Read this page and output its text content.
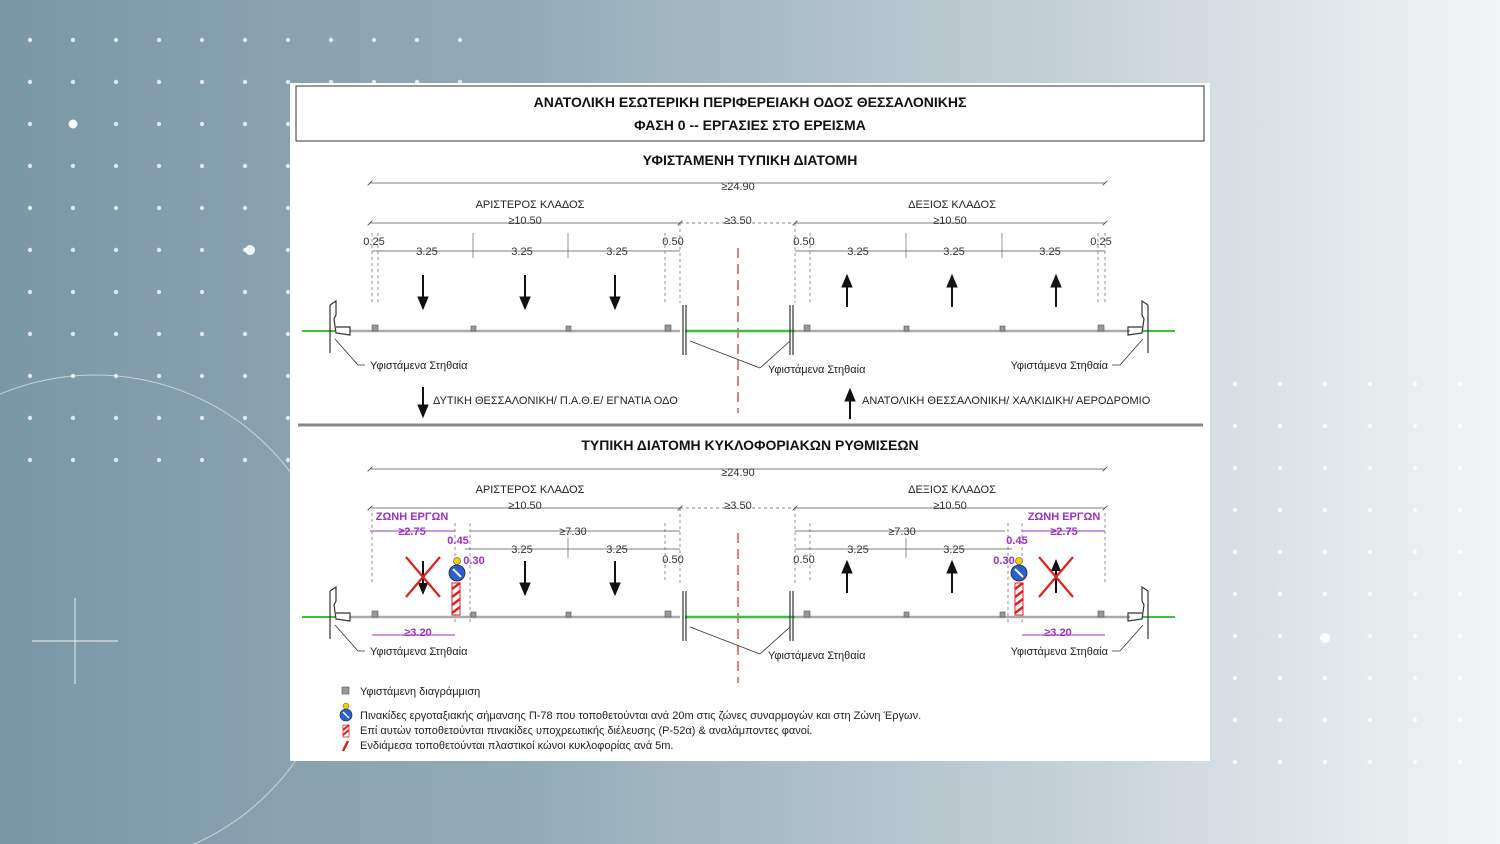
ΑΝΑΤΟΛΙΚΗ ΕΣΩΤΕΡΙΚΗ ΠΕΡΙΦΕΡΕΙΑΚΗ ΟΔΟΣ ΘΕΣΣΑΛΟΝΙΚΗΣ
ΦΑΣΗ 0 -- ΕΡΓΑΣΙΕΣ ΣΤΟ ΕΡΕΙΣΜΑ
ΥΦΙΣΤΑΜΕΝΗ ΤΥΠΙΚΗ ΔΙΑΤΟΜΗ
≥24.90
ΑΡΙΣΤΕΡΟΣ ΚΛΑΔΟΣ	ΔΕΞΙΟΣ ΚΛΑΔΟΣ
≥10.50	≥10.50
≥3.50
0.25
3.25	3.25	3.25
0.50	0.50
3.25	3.25	3.25
0.25
Υφιστάμενα Στηθαία	Υφιστάμενα Στηθαία	Υφιστάμενα Στηθαία
ΔΥΤΙΚΗ ΘΕΣΣΑΛΟΝΙΚΗ/ Π.Α.Θ.Ε/ ΕΓΝΑΤΙΑ ΟΔΟ	ΑΝΑΤΟΛΙΚΗ ΘΕΣΣΑΛΟΝΙΚΗ/ ΧΑΛΚΙΔΙΚΗ/ ΑΕΡΟΔΡΟΜΙΟ
ΤΥΠΙΚΗ ΔΙΑΤΟΜΗ ΚΥΚΛΟΦΟΡΙΑΚΩΝ ΡΥΘΜΙΣΕΩΝ
≥24.90
ΑΡΙΣΤΕΡΟΣ ΚΛΑΔΟΣ	ΔΕΞΙΟΣ ΚΛΑΔΟΣ
≥10.50	≥10.50
≥3.50
ΖΩΝΗ ΕΡΓΩΝ	ΖΩΝΗ ΕΡΓΩΝ
≥2.75	≥2.75
≥7.30	≥7.30
0.45
0.30
3.25	3.25
0.50	0.50
3.25	3.25
0.30
0.45
≥3.20	≥3.20
Υφιστάμενα Στηθαία	Υφιστάμενα Στηθαία	Υφιστάμενα Στηθαία
Υφιστάμενη διαγράμμιση
Πινακίδες εργοταξιακής σήμανσης Π-78 που τοποθετούνται ανά 20m στις ζώνες συναρμογών και στη Ζώνη Έργων.
Επί αυτών τοποθετούνται πινακίδες υποχρεωτικής διέλευσης (Ρ-52α) & αναλάμποντες φανοί.
Ενδιάμεσα τοποθετούνται πλαστικοί κώνοι κυκλοφορίας ανά 5m.
